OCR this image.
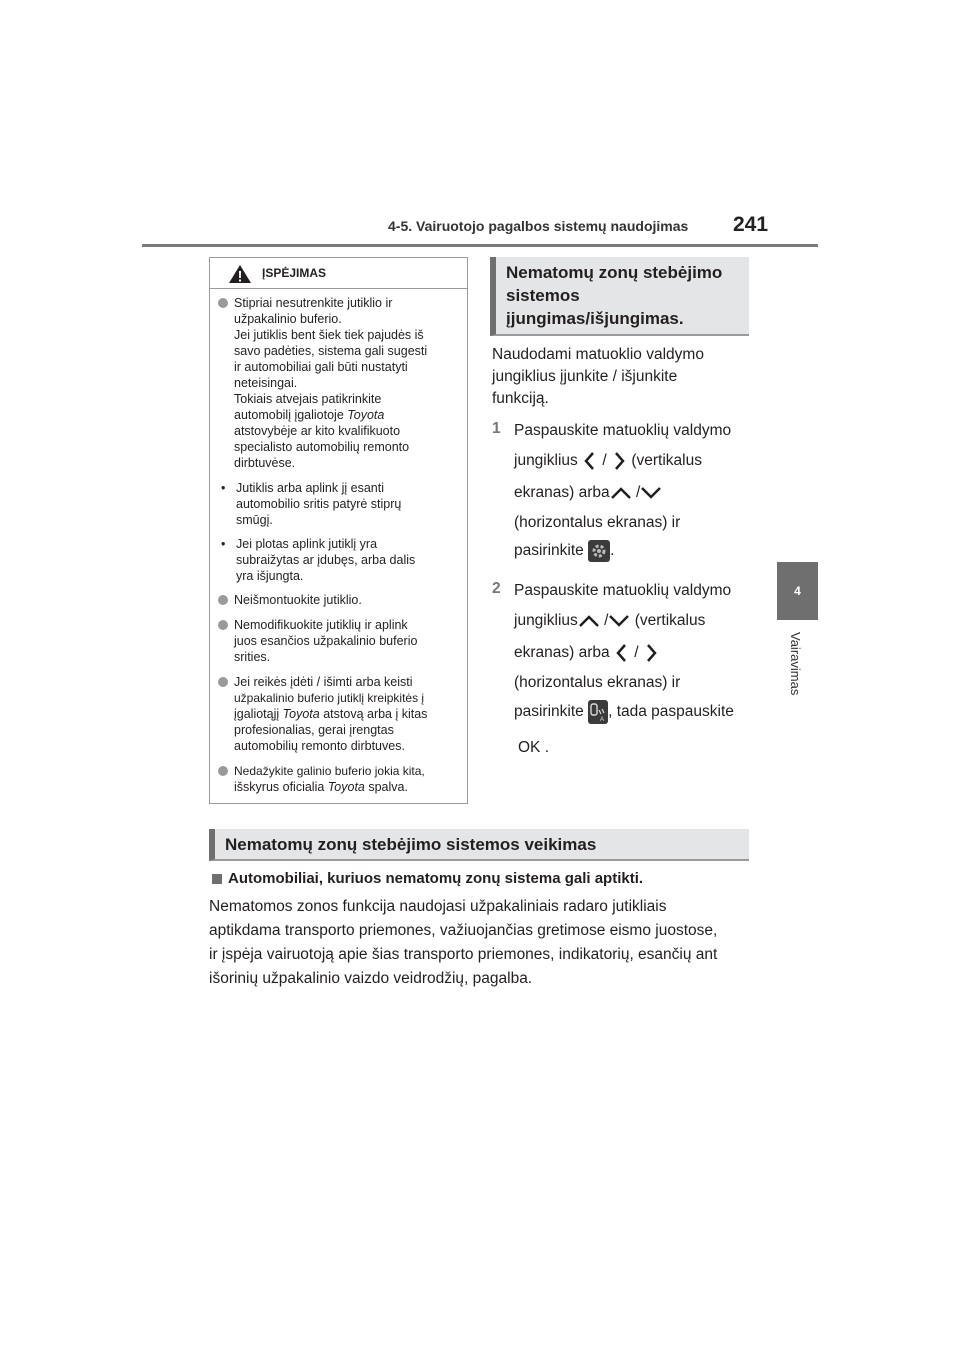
4-5. Vairuotojo pagalbos sistemų naudojimas 241
4
Vairavimas
ĮSPĖJIMAS
Stipriai nesutrenkite jutiklio ir
užpakalinio buferio.
Jei jutiklis bent šiek tiek pajudės iš
savo padėties, sistema gali sugesti
ir automobiliai gali būti nustatyti
neteisingai.
Tokiais atvejais patikrinkite
automobilį įgaliotoje Toyota
atstovybėje ar kito kvalifikuoto
specialisto automobilių remonto
dirbtuvėse.
• Jutiklis arba aplink jį esanti
automobilio sritis patyrė stiprų
smūgį.
• Jei plotas aplink jutiklį yra
subraižytas ar įdubęs, arba dalis
yra išjungta.
Neišmontuokite jutiklio.
Nemodifikuokite jutiklių ir aplink
juos esančios užpakalinio buferio
srities.
Jei reikės įdėti / išimti arba keisti
užpakalinio buferio jutiklį kreipkitės į
įgaliotąjį Toyota atstovą arba į kitas
profesionalias, gerai įrengtas
automobilių remonto dirbtuves.
Nedažykite galinio buferio jokia kita,
išskyrus oficialia Toyota spalva.
Nematomų zonų stebėjimo
sistemos
įjungimas/išjungimas.
Naudodami matuoklio valdymo
jungiklius įjunkite / išjunkite
funkciją.
1 Paspauskite matuoklių valdymo
jungiklius / (vertikalus
ekranas) arba /
(horizontalus ekranas) ir
pasirinkite .
2 Paspauskite matuoklių valdymo
jungiklius / (vertikalus
ekranas) arba /
(horizontalus ekranas) ir
pasirinkite	A , tada paspauskite
OK .
Nematomų zonų stebėjimo sistemos veikimas
Automobiliai, kuriuos nematomų zonų sistema gali aptikti.
Nematomos zonos funkcija naudojasi užpakaliniais radaro jutikliais
aptikdama transporto priemones, važiuojančias gretimose eismo juostose,
ir įspėja vairuotoją apie šias transporto priemones, indikatorių, esančių ant
išorinių užpakalinio vaizdo veidrodžių, pagalba.
